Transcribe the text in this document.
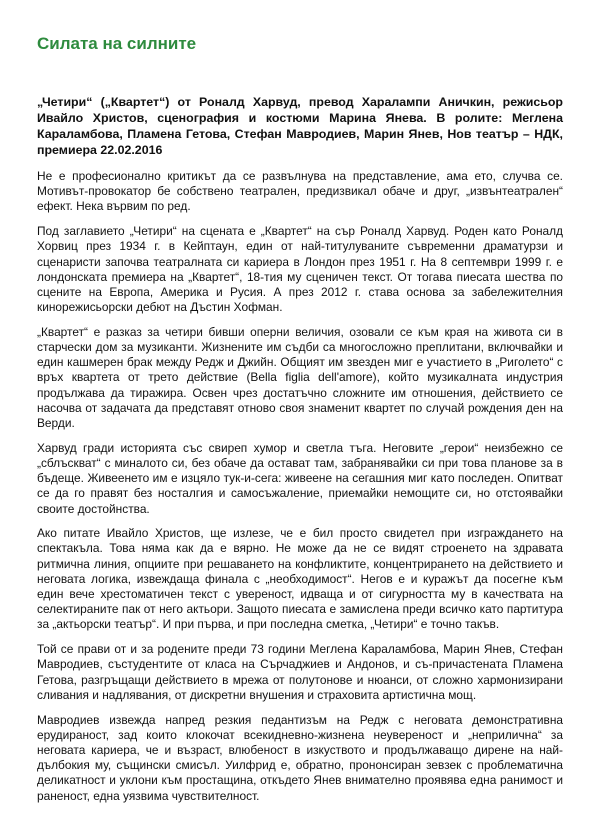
Силата на силните

„Четири“ („Квартет“) от Роналд Харвуд, превод Харалампи Аничкин, режисьор Ивайло Христов, сценография и костюми Марина Янева. В ролите: Меглена Караламбова, Пламена Гетова, Стефан Мавродиев, Марин Янев, Нов театър – НДК, премиера 22.02.2016

Не е професионално критикът да се развълнува на представление, ама ето, случва се. Мотивът-провокатор бе собствено театрален, предизвикал обаче и друг, „извънтеатрален“ ефект. Нека вървим по ред.

Под заглавието „Четири“ на сцената е „Квартет“ на сър Роналд Харвуд. Роден като Роналд Хорвиц през 1934 г. в Кейптаун, един от най-титулуваните съвременни драматурзи и сценаристи започва театралната си кариера в Лондон през 1951 г. На 8 септември 1999 г. е лондонската премиера на „Квартет“, 18-тия му сценичен текст. От тогава пиесата шества по сцените на Европа, Америка и Русия. А през 2012 г. става основа за забележителния кинорежисьорски дебют на Дъстин Хофман.

„Квартет“ е разказ за четири бивши оперни величия, озовали се към края на живота си в старчески дом за музиканти. Жизнените им съдби са многосложно преплитани, включвайки и един кашмерен брак между Редж и Джийн. Общият им звезден миг е участието в „Риголето“ с връх квартета от трето действие (Bella figlia dell'amore), който музикалната индустрия продължава да тиражира. Освен чрез достатъчно сложните им отношения, действието се насочва от задачата да представят отново своя знаменит квартет по случай рождения ден на Верди.

Харвуд гради историята със свиреп хумор и светла тъга. Неговите „герои“ неизбежно се „сблъскват“ с миналото си, без обаче да остават там, забранявайки си при това планове за в бъдеще. Живеенето им е изцяло тук-и-сега: живеене на сегашния миг като последен. Опитват се да го правят без носталгия и самосъжаление, приемайки немощите си, но отстоявайки своите достойнства.

Ако питате Ивайло Христов, ще излезе, че е бил просто свидетел при изграждането на спектакъла. Това няма как да е вярно. Не може да не се видят строенето на здравата ритмична линия, опциите при решаването на конфликтите, концентрирането на действието и неговата логика, извеждаща финала с „необходимост“. Негов е и куражът да посегне към един вече хрестоматичен текст с увереност, идваща и от сигурността му в качествата на селектираните пак от него актьори. Защото пиесата е замислена преди всичко като партитура за „актьорски театър“. И при първа, и при последна сметка, „Четири“ е точно такъв.

Той се прави от и за родените преди 73 години Меглена Караламбова, Марин Янев, Стефан Мавродиев, състудентите от класа на Сърчаджиев и Андонов, и съ-причастената Пламена Гетова, разгръщащи действието в мрежа от полутонове и нюанси, от сложно хармонизирани сливания и надлявания, от дискретни внушения и страховита артистична мощ.

Мавродиев извежда напред резкия педантизъм на Редж с неговата демонстративна ерудираност, зад които клокочат всекидневно-жизнена неувереност и „неприлична“ за неговата кариера, че и възраст, влюбеност в изкуството и продължаващо дирене на най-дълбокия му, същински смисъл. Уилфрид е, обратно, прононсиран зевзек с проблематична деликатност и уклони към простащина, откъдето Янев внимателно проявява една ранимост и раненост, една уязвима чувствителност.
